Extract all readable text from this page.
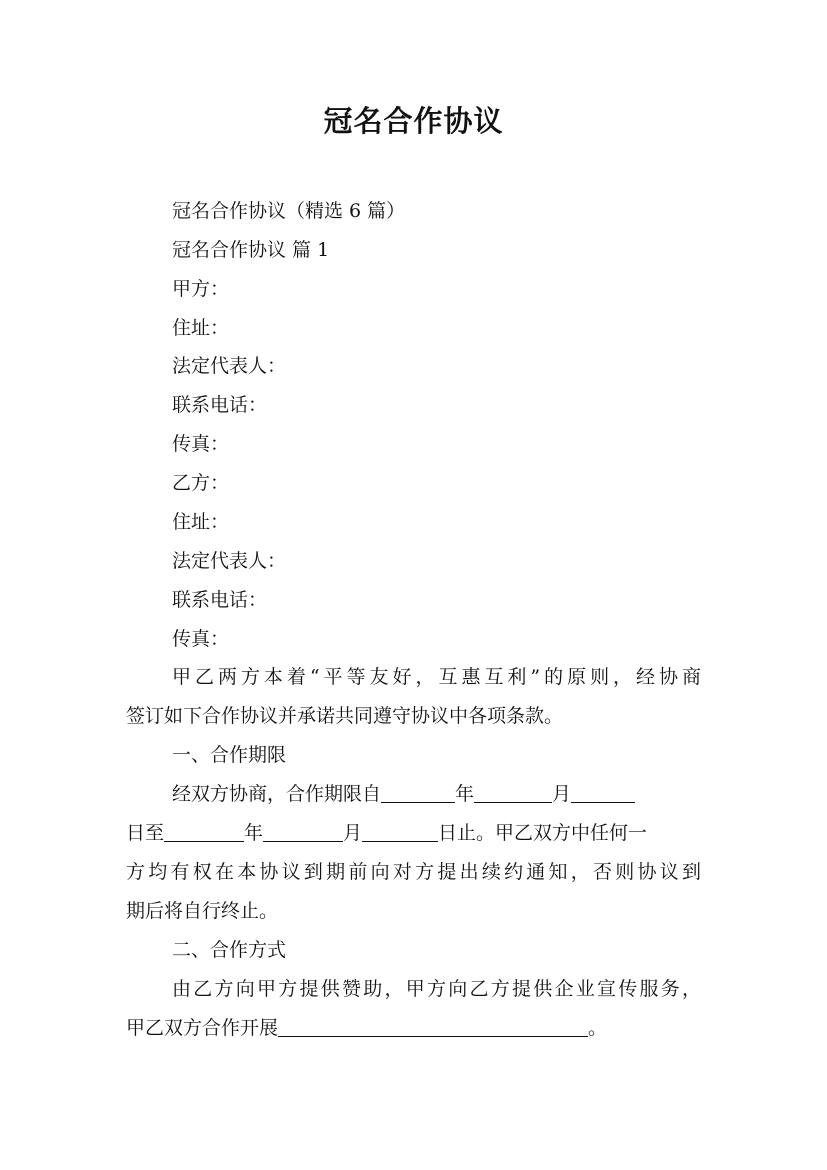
冠名合作协议

冠名合作协议（精选 6 篇）

冠名合作协议 篇 1

甲方：

住址：

法定代表人：

联系电话：

传真：

乙方：

住址：

法定代表人：

联系电话：

传真：

甲乙两方本着“平等友好，互惠互利”的原则，经协商

签订如下合作协议并承诺共同遵守协议中各项条款。

一、合作期限

经双方协商，合作期限自	年	月

日至	年	月	日止。甲乙双方中任何一

方均有权在本协议到期前向对方提出续约通知，否则协议到

期后将自行终止。

二、合作方式

由乙方向甲方提供赞助，甲方向乙方提供企业宣传服务，

甲乙双方合作开展	。
